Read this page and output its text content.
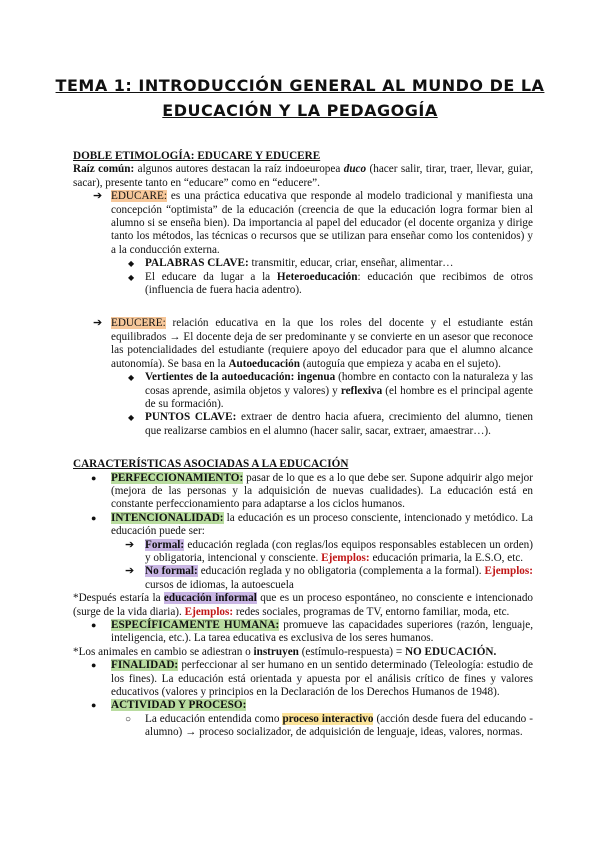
TEMA 1: INTRODUCCIÓN GENERAL AL MUNDO DE LA
EDUCACIÓN Y LA PEDAGOGÍA
DOBLE ETIMOLOGÍA: EDUCARE Y EDUCERE
Raíz común: algunos autores destacan la raíz indoeuropea duco (hacer salir, tirar, traer, llevar, guiar, sacar), presente tanto en “educare” como en “educere”.
➔ EDUCARE: es una práctica educativa que responde al modelo tradicional y manifiesta una concepción “optimista” de la educación (creencia de que la educación logra formar bien al alumno si se enseña bien). Da importancia al papel del educador (el docente organiza y dirige tanto los métodos, las técnicas o recursos que se utilizan para enseñar como los contenidos) y a la conducción externa.
◆ PALABRAS CLAVE: transmitir, educar, criar, enseñar, alimentar…
◆ El educare da lugar a la Heteroeducación: educación que recibimos de otros (influencia de fuera hacia adentro).
➔ EDUCERE: relación educativa en la que los roles del docente y el estudiante están equilibrados → El docente deja de ser predominante y se convierte en un asesor que reconoce las potencialidades del estudiante (requiere apoyo del educador para que el alumno alcance autonomía). Se basa en la Autoeducación (autoguía que empieza y acaba en el sujeto).
◆ Vertientes de la autoeducación: ingenua (hombre en contacto con la naturaleza y las cosas aprende, asimila objetos y valores) y reflexiva (el hombre es el principal agente de su formación).
◆ PUNTOS CLAVE: extraer de dentro hacia afuera, crecimiento del alumno, tienen que realizarse cambios en el alumno (hacer salir, sacar, extraer, amaestrar…).
CARACTERÍSTICAS ASOCIADAS A LA EDUCACIÓN
● PERFECCIONAMIENTO: pasar de lo que es a lo que debe ser. Supone adquirir algo mejor (mejora de las personas y la adquisición de nuevas cualidades). La educación está en constante perfeccionamiento para adaptarse a los ciclos humanos.
● INTENCIONALIDAD: la educación es un proceso consciente, intencionado y metódico. La educación puede ser:
➔ Formal: educación reglada (con reglas/los equipos responsables establecen un orden) y obligatoria, intencional y consciente. Ejemplos: educación primaria, la E.S.O, etc.
➔ No formal: educación reglada y no obligatoria (complementa a la formal). Ejemplos: cursos de idiomas, la autoescuela
*Después estaría la educación informal que es un proceso espontáneo, no consciente e intencionado (surge de la vida diaria). Ejemplos: redes sociales, programas de TV, entorno familiar, moda, etc.
● ESPECÍFICAMENTE HUMANA: promueve las capacidades superiores (razón, lenguaje, inteligencia, etc.). La tarea educativa es exclusiva de los seres humanos.
*Los animales en cambio se adiestran o instruyen (estímulo-respuesta) = NO EDUCACIÓN.
● FINALIDAD: perfeccionar al ser humano en un sentido determinado (Teleología: estudio de los fines). La educación está orientada y apuesta por el análisis crítico de fines y valores educativos (valores y principios en la Declaración de los Derechos Humanos de 1948).
● ACTIVIDAD Y PROCESO:
○ La educación entendida como proceso interactivo (acción desde fuera del educando - alumno) → proceso socializador, de adquisición de lenguaje, ideas, valores, normas.
